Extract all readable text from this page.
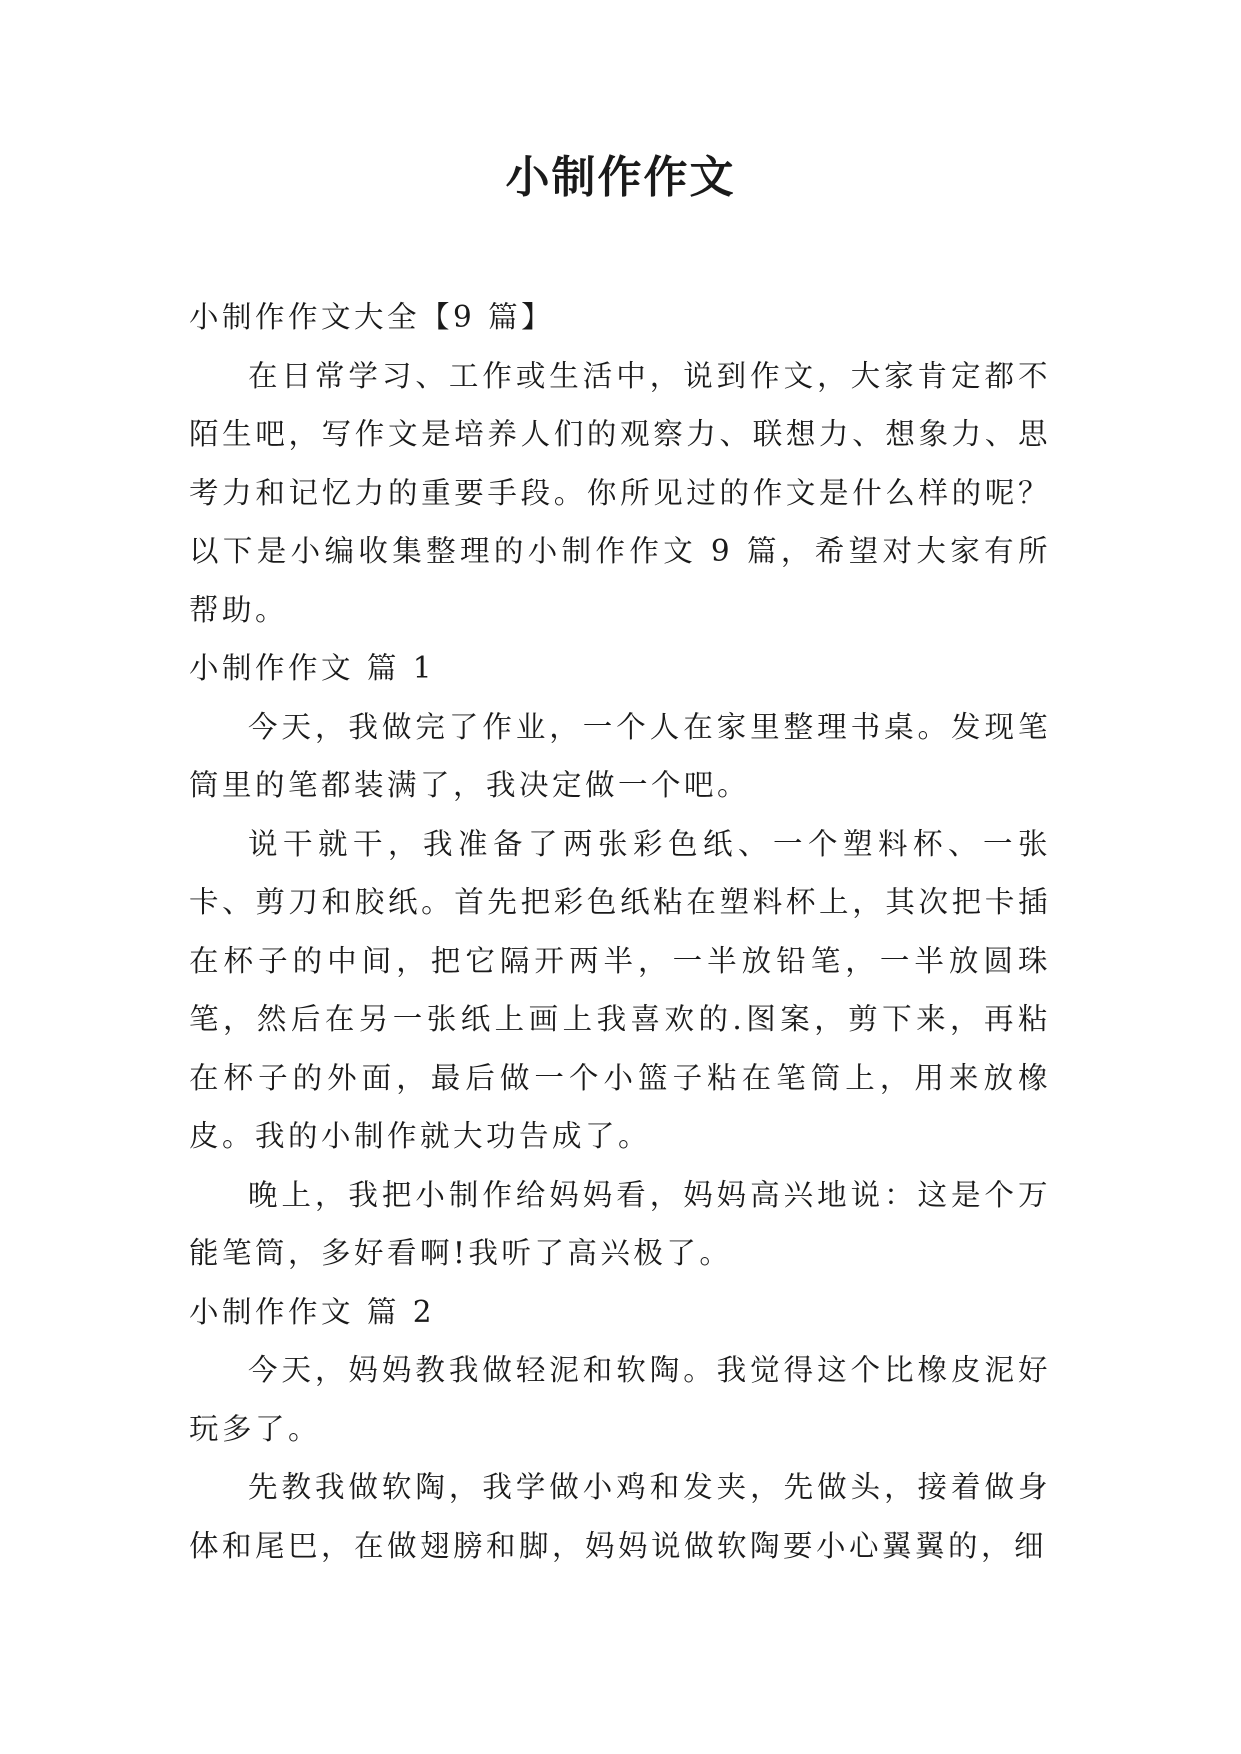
小制作作文

小制作作文大全【9 篇】

在日常学习、工作或生活中，说到作文，大家肯定都不陌生吧，写作文是培养人们的观察力、联想力、想象力、思考力和记忆力的重要手段。你所见过的作文是什么样的呢？以下是小编收集整理的小制作作文 9 篇，希望对大家有所帮助。

小制作作文 篇 1

今天，我做完了作业，一个人在家里整理书桌。发现笔筒里的笔都装满了，我决定做一个吧。

说干就干，我准备了两张彩色纸、一个塑料杯、一张卡、剪刀和胶纸。首先把彩色纸粘在塑料杯上，其次把卡插在杯子的中间，把它隔开两半，一半放铅笔，一半放圆珠笔，然后在另一张纸上画上我喜欢的.图案，剪下来，再粘在杯子的外面，最后做一个小篮子粘在笔筒上，用来放橡皮。我的小制作就大功告成了。

晚上，我把小制作给妈妈看，妈妈高兴地说：这是个万能笔筒，多好看啊!我听了高兴极了。

小制作作文 篇 2

今天，妈妈教我做轻泥和软陶。我觉得这个比橡皮泥好玩多了。

先教我做软陶，我学做小鸡和发夹，先做头，接着做身体和尾巴，在做翅膀和脚，妈妈说做软陶要小心翼翼的，细
